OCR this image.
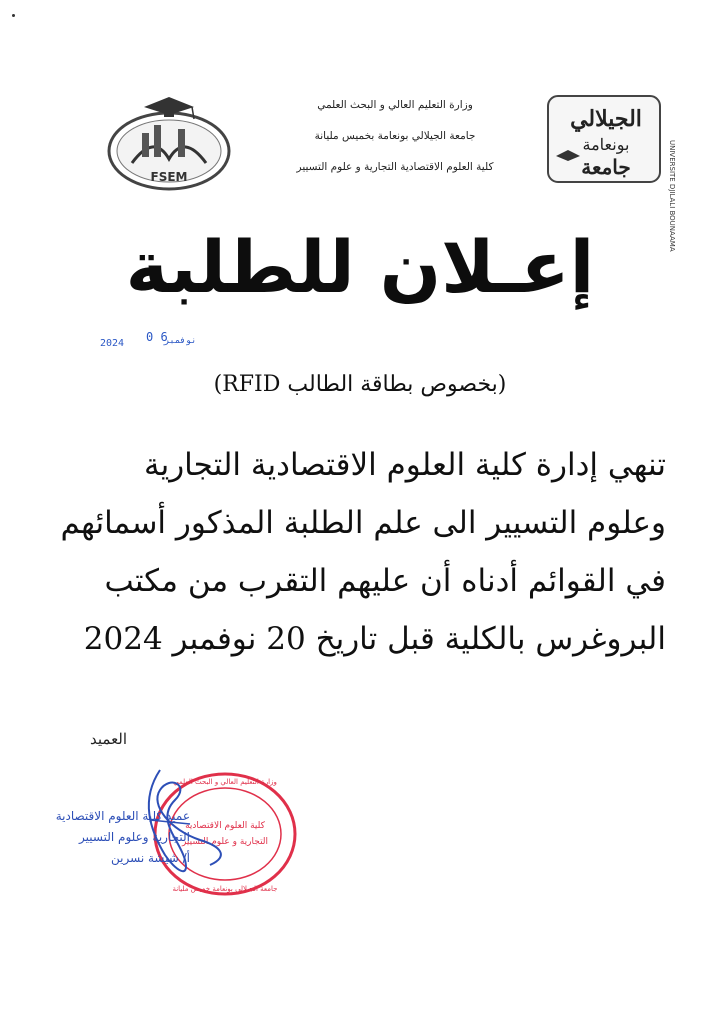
FSEM
الجيلالي
بونعامة
جامعة	UNIVERSITE DJILALI BOUNAAMA
وزارة التعليم العالي و البحث العلمي
جامعة الجيلالي بونعامة بخميس مليانة
كلية العلوم الاقتصادية التجارية و علوم التسيير
إعـلان للطلبة
2024 0 6
نوفمبر
(بخصوص بطاقة الطالب RFID)
تنهي إدارة كلية العلوم الاقتصادية التجارية
وعلوم التسيير الى علم الطلبة المذكور أسمائهم
في القوائم أدناه أن عليهم التقرب من مكتب
البروغرس بالكلية قبل تاريخ 20 نوفمبر 2024
العميد
وزارة التعليم العالي و البحث العلمي
جامعة الجيلالي بونعامة خميس مليانة
كلية العلوم الاقتصادية
التجارية و علوم التسيير
عميد كلية العلوم الاقتصادية
التجارية وعلوم التسيير
أ/ شيشة نسرين
